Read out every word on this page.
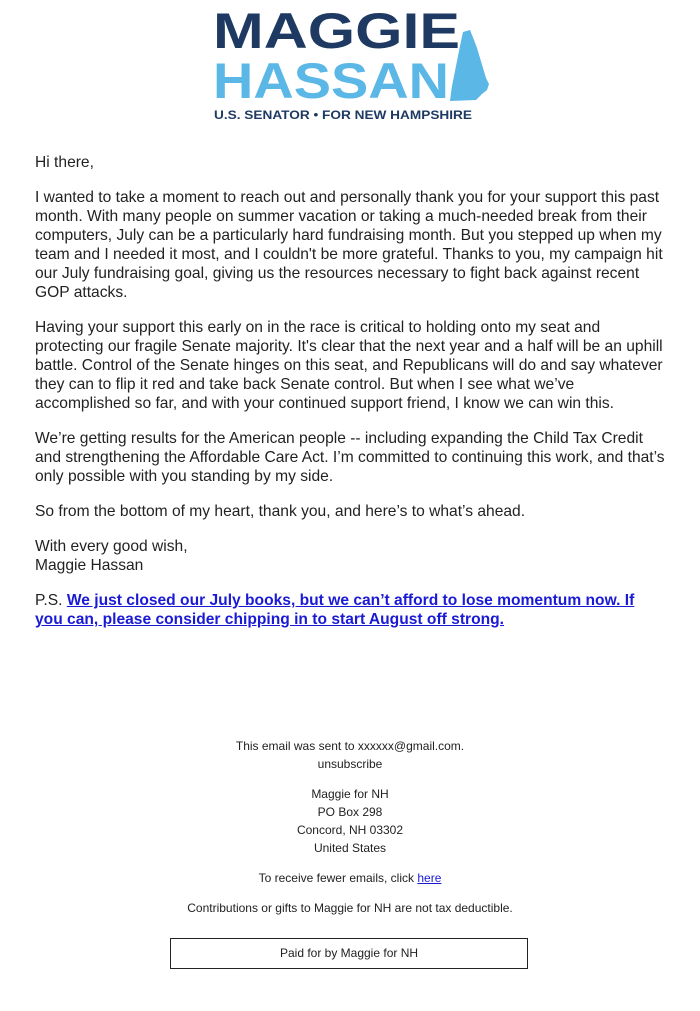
MAGGIE
HASSAN
U.S. SENATOR • FOR NEW HAMPSHIRE

Hi there,

I wanted to take a moment to reach out and personally thank you for your support this past month. With many people on summer vacation or taking a much-needed break from their computers, July can be a particularly hard fundraising month. But you stepped up when my team and I needed it most, and I couldn't be more grateful. Thanks to you, my campaign hit our July fundraising goal, giving us the resources necessary to fight back against recent GOP attacks.

Having your support this early on in the race is critical to holding onto my seat and protecting our fragile Senate majority. It's clear that the next year and a half will be an uphill battle. Control of the Senate hinges on this seat, and Republicans will do and say whatever they can to flip it red and take back Senate control. But when I see what we’ve accomplished so far, and with your continued support friend, I know we can win this.

We’re getting results for the American people -- including expanding the Child Tax Credit and strengthening the Affordable Care Act. I’m committed to continuing this work, and that’s only possible with you standing by my side.

So from the bottom of my heart, thank you, and here’s to what’s ahead.

With every good wish,
Maggie Hassan

P.S. We just closed our July books, but we can’t afford to lose momentum now. If you can, please consider chipping in to start August off strong.

This email was sent to xxxxxx@gmail.com.

unsubscribe

Maggie for NH

PO Box 298

Concord, NH 03302

United States

To receive fewer emails, click here

Contributions or gifts to Maggie for NH are not tax deductible.

Paid for by Maggie for NH
